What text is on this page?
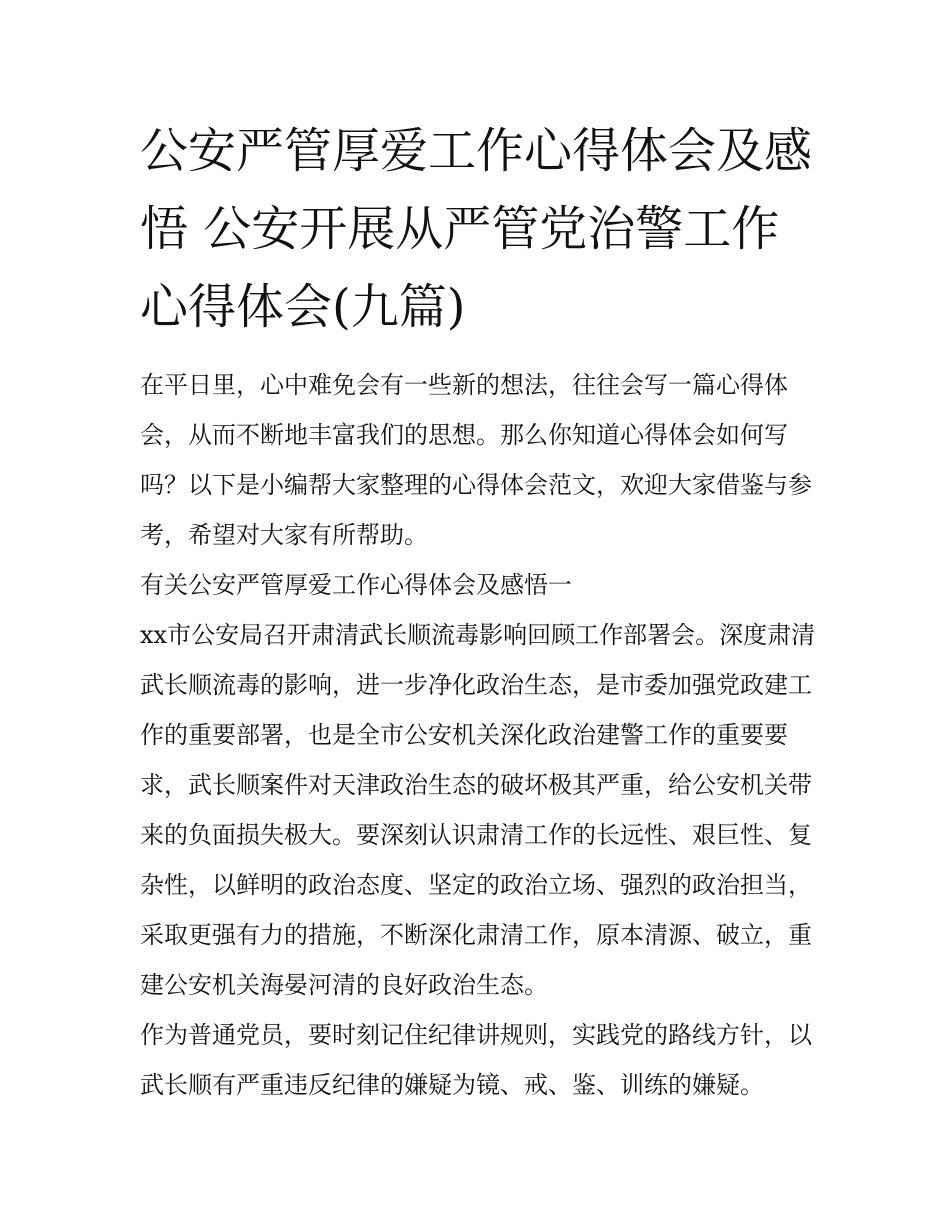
公安严管厚爱工作心得体会及感悟 公安开展从严管党治警工作心得体会(九篇)

在平日里，心中难免会有一些新的想法，往往会写一篇心得体会，从而不断地丰富我们的思想。那么你知道心得体会如何写吗？以下是小编帮大家整理的心得体会范文，欢迎大家借鉴与参考，希望对大家有所帮助。

有关公安严管厚爱工作心得体会及感悟一

xx市公安局召开肃清武长顺流毒影响回顾工作部署会。深度肃清武长顺流毒的影响，进一步净化政治生态，是市委加强党政建工作的重要部署，也是全市公安机关深化政治建警工作的重要要求，武长顺案件对天津政治生态的破坏极其严重，给公安机关带来的负面损失极大。要深刻认识肃清工作的长远性、艰巨性、复杂性，以鲜明的政治态度、坚定的政治立场、强烈的政治担当，采取更强有力的措施，不断深化肃清工作，原本清源、破立，重建公安机关海晏河清的良好政治生态。

作为普通党员，要时刻记住纪律讲规则，实践党的路线方针，以武长顺有严重违反纪律的嫌疑为镜、戒、鉴、训练的嫌疑。
